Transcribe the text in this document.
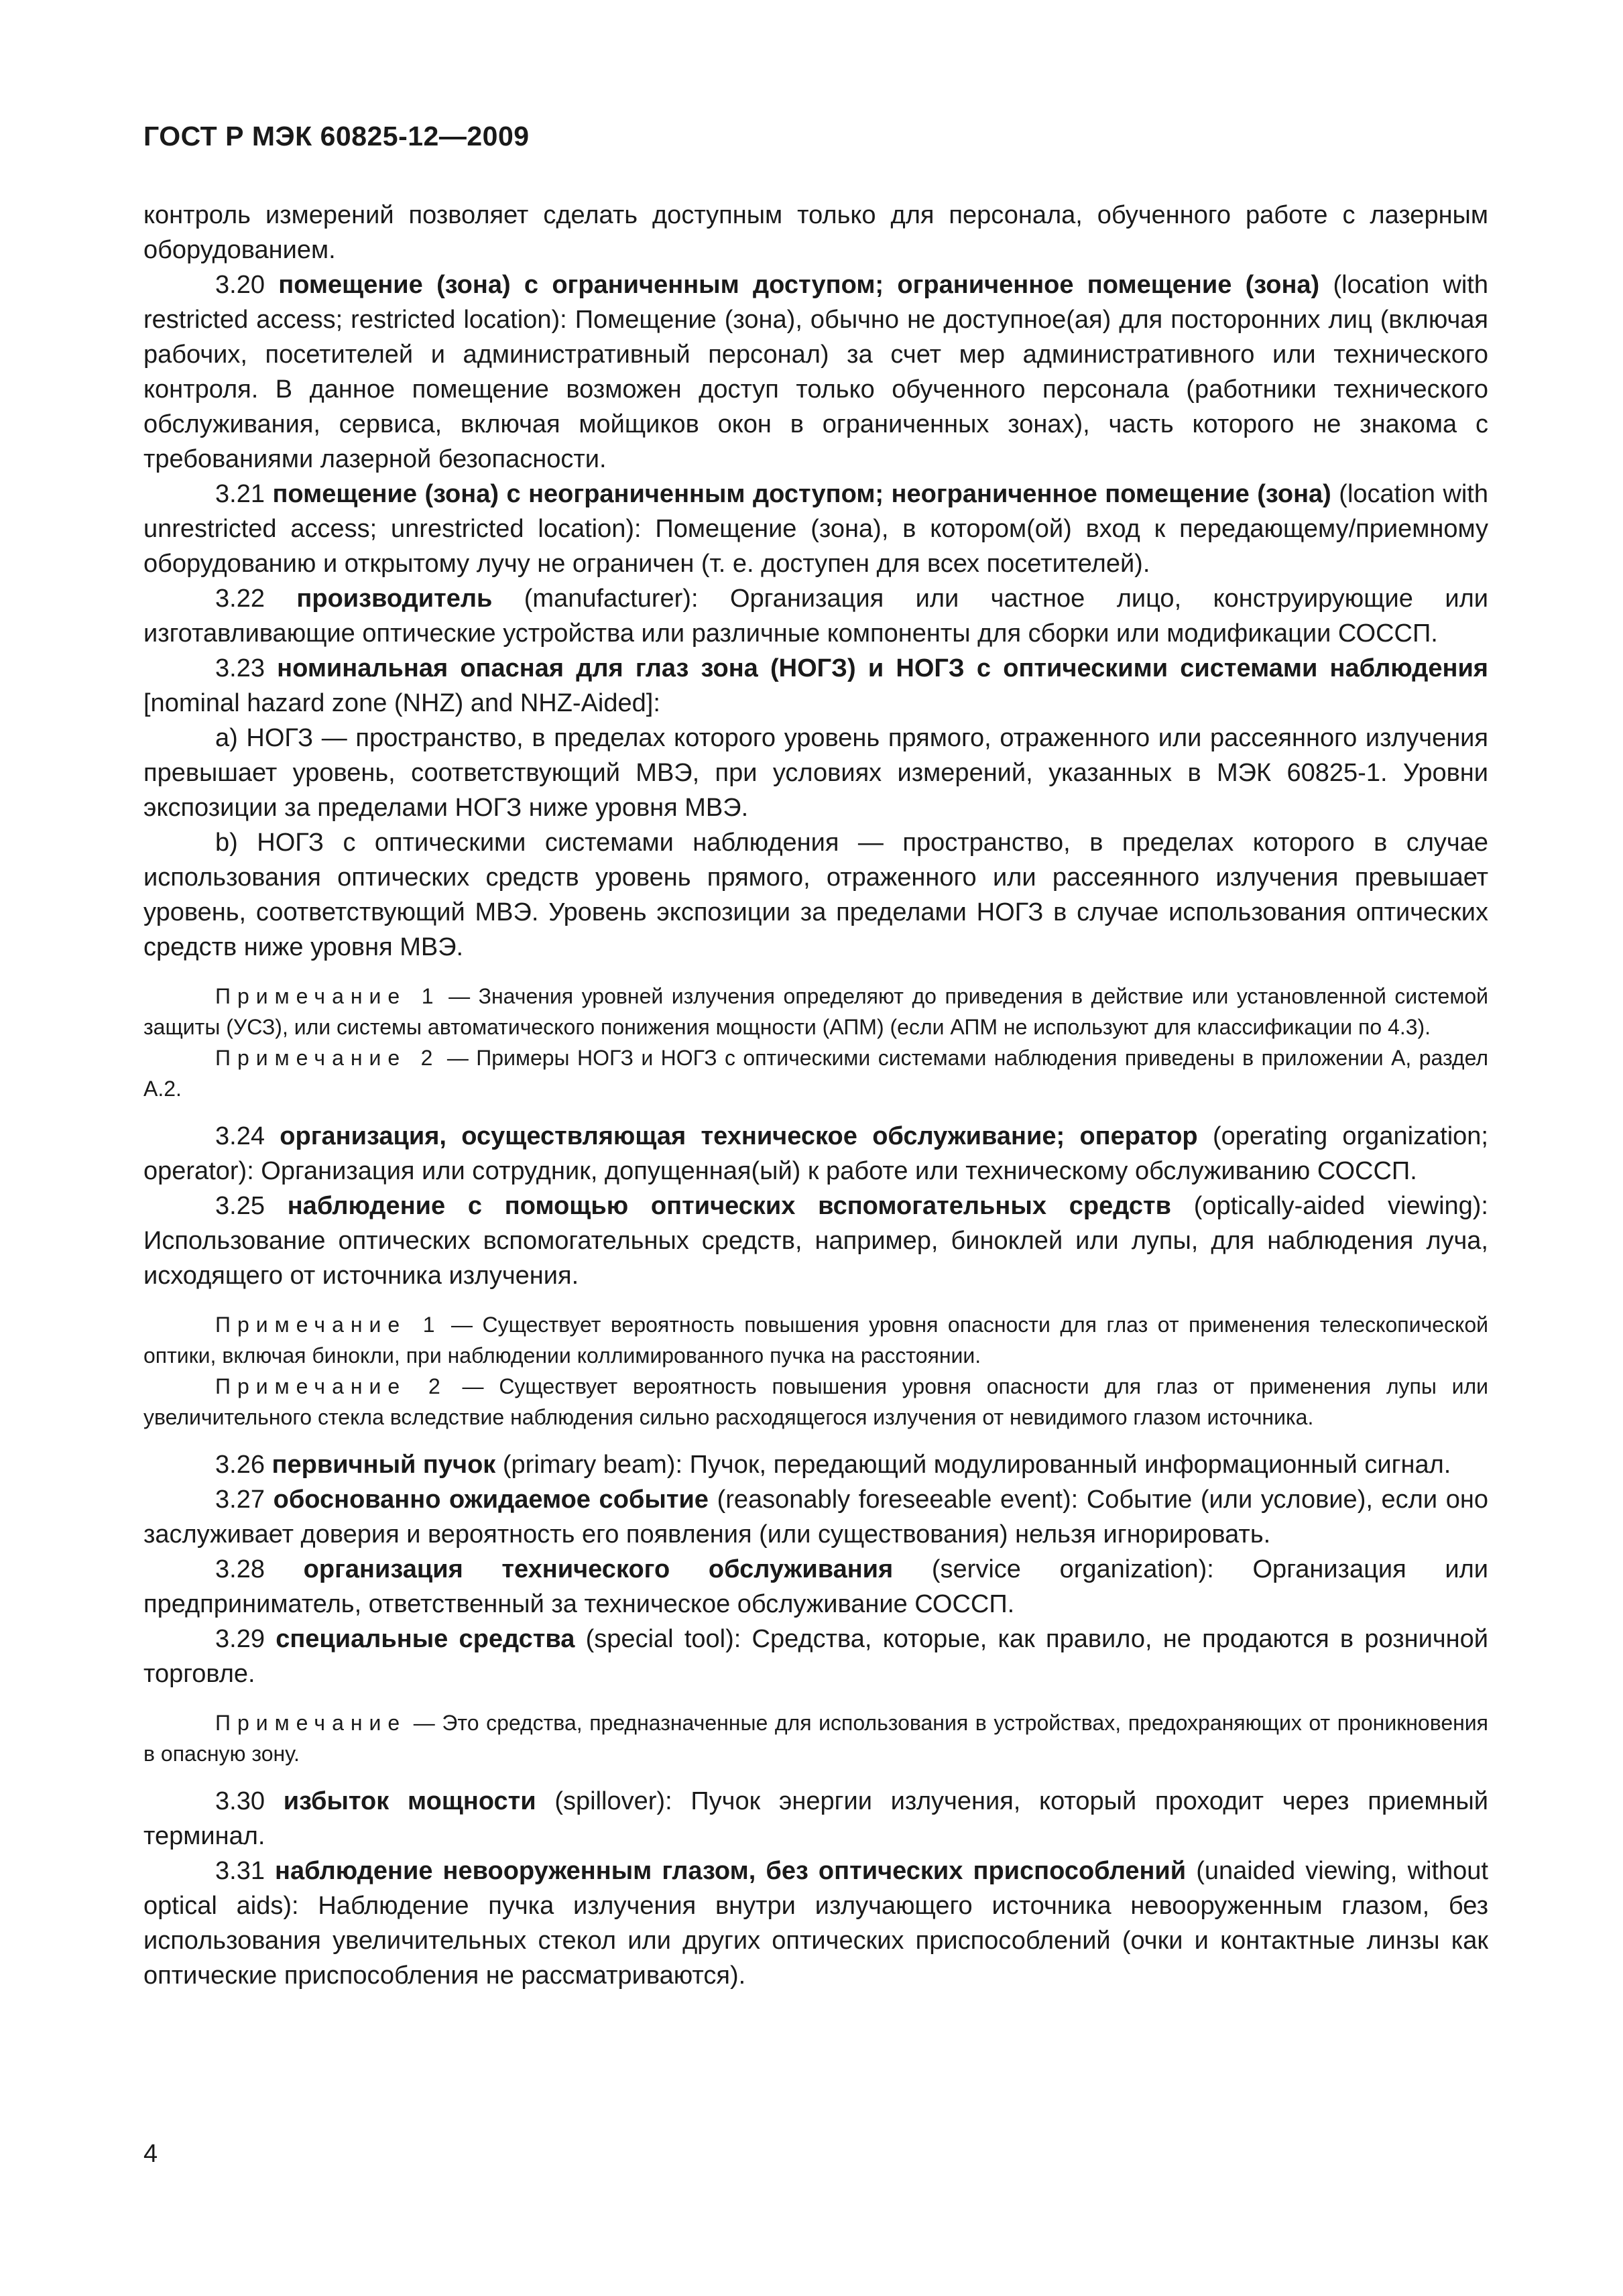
ГОСТ Р МЭК 60825-12—2009

контроль измерений позволяет сделать доступным только для персонала, обученного работе с лазерным оборудованием.

3.20 помещение (зона) с ограниченным доступом; ограниченное помещение (зона) (location with restricted access; restricted location): Помещение (зона), обычно не доступное(ая) для посторонних лиц (включая рабочих, посетителей и административный персонал) за счет мер административного или технического контроля. В данное помещение возможен доступ только обученного персонала (работники технического обслуживания, сервиса, включая мойщиков окон в ограниченных зонах), часть которого не знакома с требованиями лазерной безопасности.

3.21 помещение (зона) с неограниченным доступом; неограниченное помещение (зона) (location with unrestricted access; unrestricted location): Помещение (зона), в котором(ой) вход к передающему/приемному оборудованию и открытому лучу не ограничен (т. е. доступен для всех посетителей).

3.22 производитель (manufacturer): Организация или частное лицо, конструирующие или изготавливающие оптические устройства или различные компоненты для сборки или модификации СОССП.

3.23 номинальная опасная для глаз зона (НОГЗ) и НОГЗ с оптическими системами наблюдения [nominal hazard zone (NHZ) and NHZ-Aided]:

a) НОГЗ — пространство, в пределах которого уровень прямого, отраженного или рассеянного излучения превышает уровень, соответствующий МВЭ, при условиях измерений, указанных в МЭК 60825-1. Уровни экспозиции за пределами НОГЗ ниже уровня МВЭ.

b) НОГЗ с оптическими системами наблюдения — пространство, в пределах которого в случае использования оптических средств уровень прямого, отраженного или рассеянного излучения превышает уровень, соответствующий МВЭ. Уровень экспозиции за пределами НОГЗ в случае использования оптических средств ниже уровня МВЭ.

Примечание 1 — Значения уровней излучения определяют до приведения в действие или установленной системой защиты (УСЗ), или системы автоматического понижения мощности (АПМ) (если АПМ не используют для классификации по 4.3).

Примечание 2 — Примеры НОГЗ и НОГЗ с оптическими системами наблюдения приведены в приложении А, раздел А.2.

3.24 организация, осуществляющая техническое обслуживание; оператор (operating organization; operator): Организация или сотрудник, допущенная(ый) к работе или техническому обслуживанию СОССП.

3.25 наблюдение с помощью оптических вспомогательных средств (optically-aided viewing): Использование оптических вспомогательных средств, например, биноклей или лупы, для наблюдения луча, исходящего от источника излучения.

Примечание 1 — Существует вероятность повышения уровня опасности для глаз от применения телескопической оптики, включая бинокли, при наблюдении коллимированного пучка на расстоянии.

Примечание 2 — Существует вероятность повышения уровня опасности для глаз от применения лупы или увеличительного стекла вследствие наблюдения сильно расходящегося излучения от невидимого глазом источника.

3.26 первичный пучок (primary beam): Пучок, передающий модулированный информационный сигнал.

3.27 обоснованно ожидаемое событие (reasonably foreseeable event): Событие (или условие), если оно заслуживает доверия и вероятность его появления (или существования) нельзя игнорировать.

3.28 организация технического обслуживания (service organization): Организация или предприниматель, ответственный за техническое обслуживание СОССП.

3.29 специальные средства (special tool): Средства, которые, как правило, не продаются в розничной торговле.

Примечание — Это средства, предназначенные для использования в устройствах, предохраняющих от проникновения в опасную зону.

3.30 избыток мощности (spillover): Пучок энергии излучения, который проходит через приемный терминал.

3.31 наблюдение невооруженным глазом, без оптических приспособлений (unaided viewing, without optical aids): Наблюдение пучка излучения внутри излучающего источника невооруженным глазом, без использования увеличительных стекол или других оптических приспособлений (очки и контактные линзы как оптические приспособления не рассматриваются).

4
